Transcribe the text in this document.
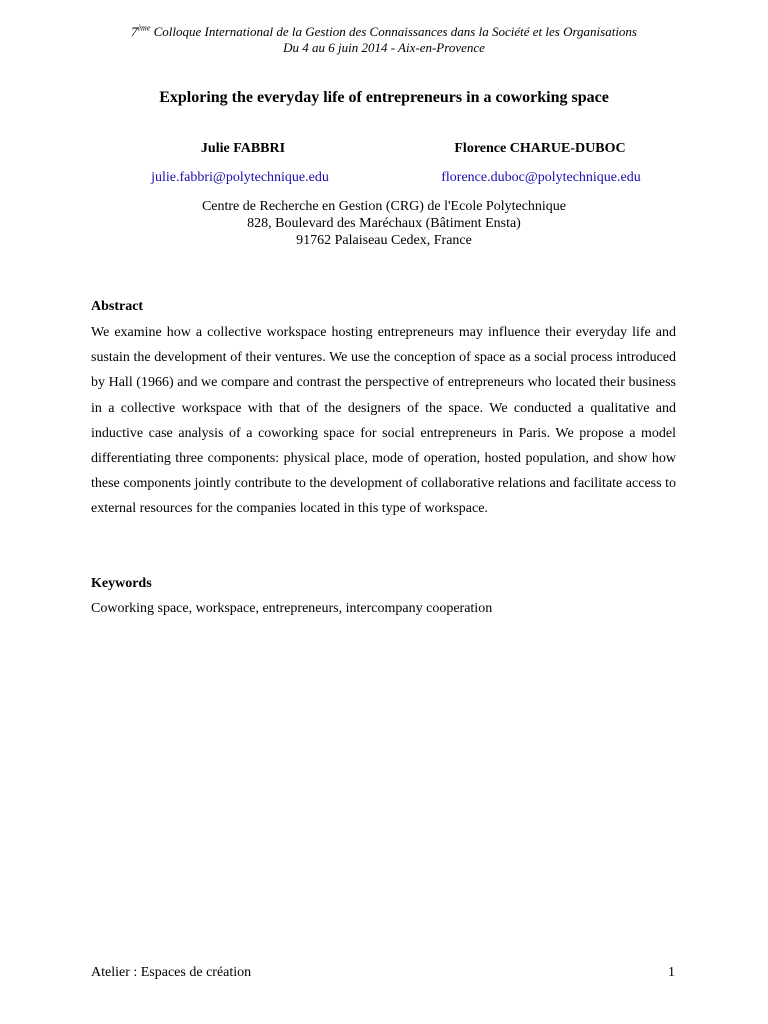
7ème Colloque International de la Gestion des Connaissances dans la Société et les Organisations
Du 4 au 6 juin 2014 - Aix-en-Provence
Exploring the everyday life of entrepreneurs in a coworking space
Julie FABBRI	Florence CHARUE-DUBOC
julie.fabbri@polytechnique.edu	florence.duboc@polytechnique.edu
Centre de Recherche en Gestion (CRG) de l'Ecole Polytechnique
828, Boulevard des Maréchaux (Bâtiment Ensta)
91762 Palaiseau Cedex, France
Abstract
We examine how a collective workspace hosting entrepreneurs may influence their everyday life and sustain the development of their ventures. We use the conception of space as a social process introduced by Hall (1966) and we compare and contrast the perspective of entrepreneurs who located their business in a collective workspace with that of the designers of the space. We conducted a qualitative and inductive case analysis of a coworking space for social entrepreneurs in Paris. We propose a model differentiating three components: physical place, mode of operation, hosted population, and show how these components jointly contribute to the development of collaborative relations and facilitate access to external resources for the companies located in this type of workspace.
Keywords
Coworking space, workspace, entrepreneurs, intercompany cooperation
Atelier : Espaces de création	1
